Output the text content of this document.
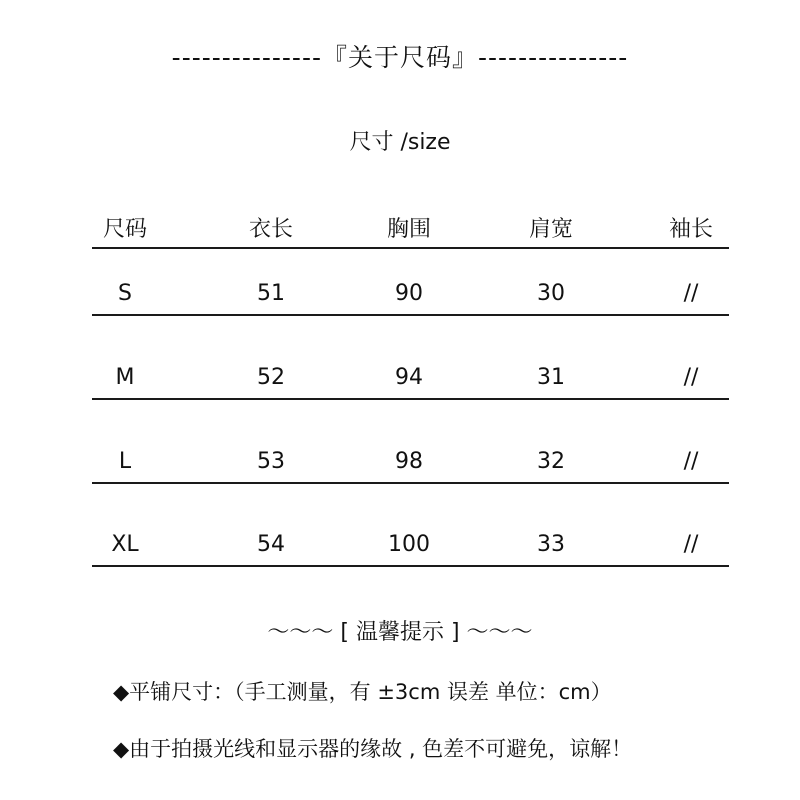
---------------『关于尺码』---------------
尺寸 /size
尺码	衣长	胸围	肩宽	袖长
S	51	90	30	//
M	52	94	31	//
L	53	98	32	//
XL	54	100	33	//
～～～ [ 温馨提示 ] ～～～
◆平铺尺寸：（手工测量，有 ±3cm 误差 单位：cm）
◆由于拍摄光线和显示器的缘故 , 色差不可避免，谅解！
